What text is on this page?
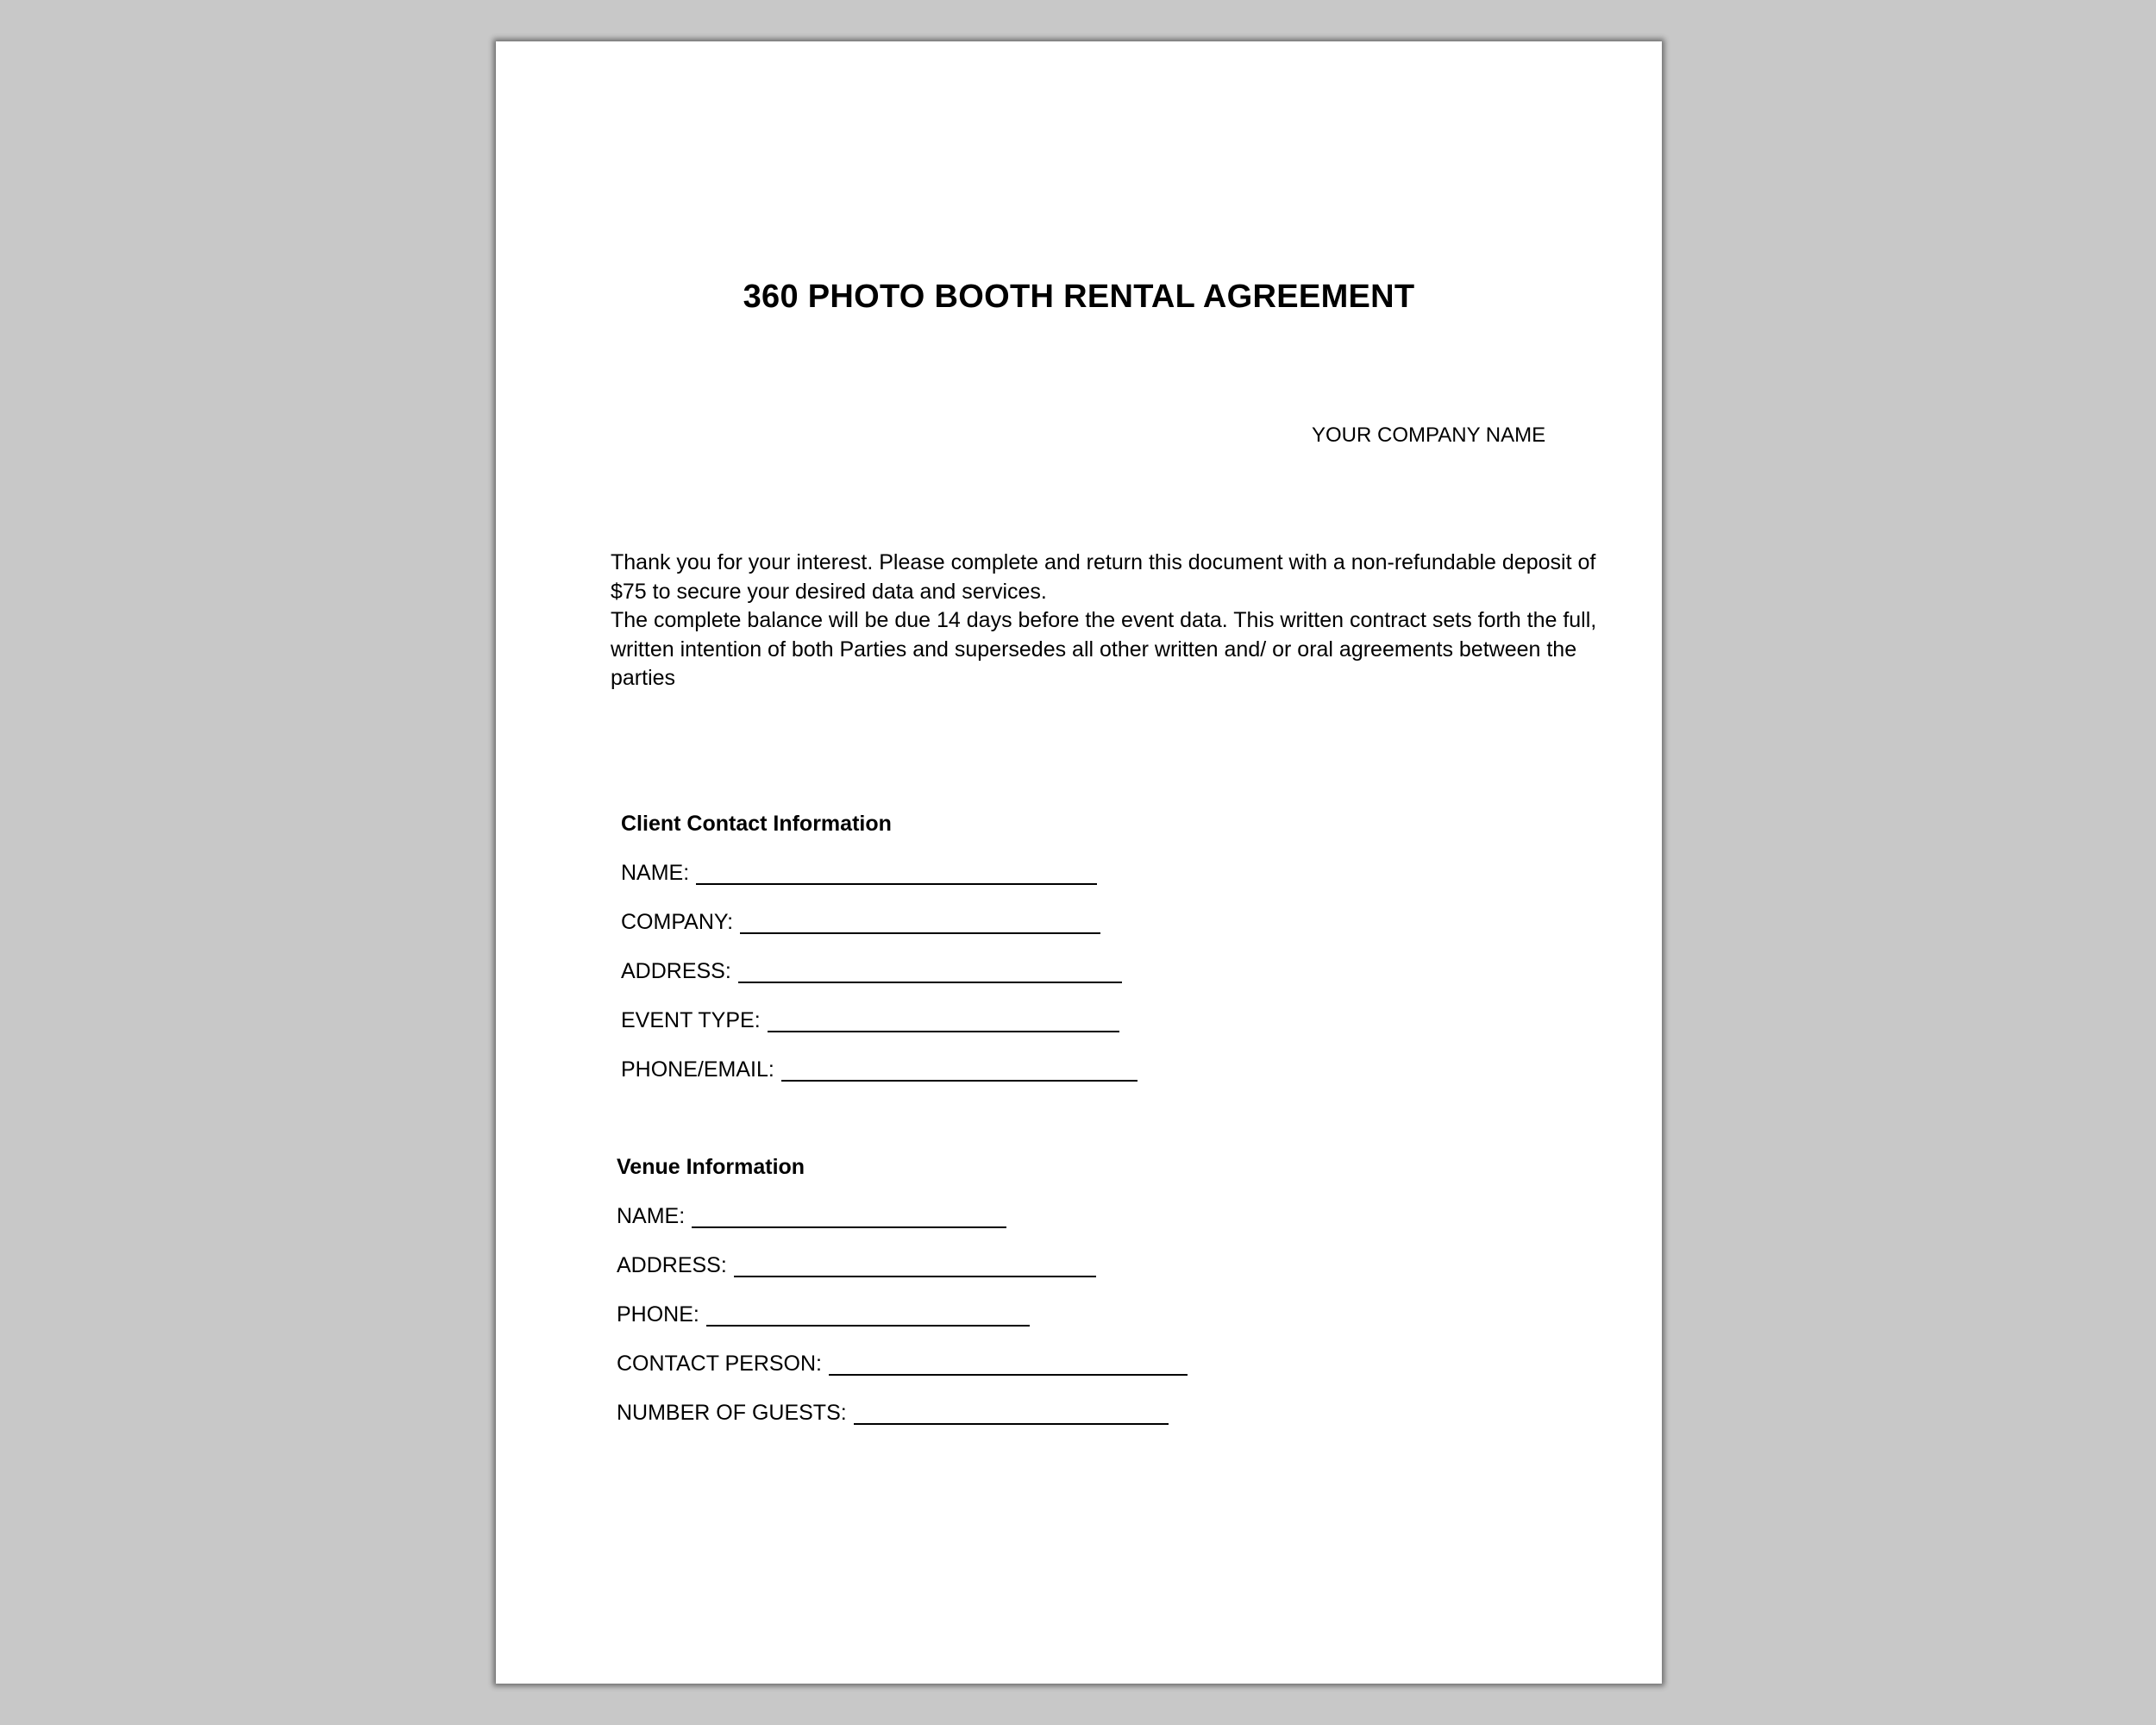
360 PHOTO BOOTH RENTAL AGREEMENT
YOUR COMPANY NAME

Thank you for your interest. Please complete and return this document with a non-refundable deposit of $75 to secure your desired data and services.

The complete balance will be due 14 days before the event data. This written contract sets forth the full, written intention of both Parties and supersedes all other written and/ or oral agreements between the parties

Client Contact Information
NAME:
COMPANY:
ADDRESS:
EVENT TYPE:
PHONE/EMAIL:
Venue Information
NAME:
ADDRESS:
PHONE:
CONTACT PERSON:
NUMBER OF GUESTS:
